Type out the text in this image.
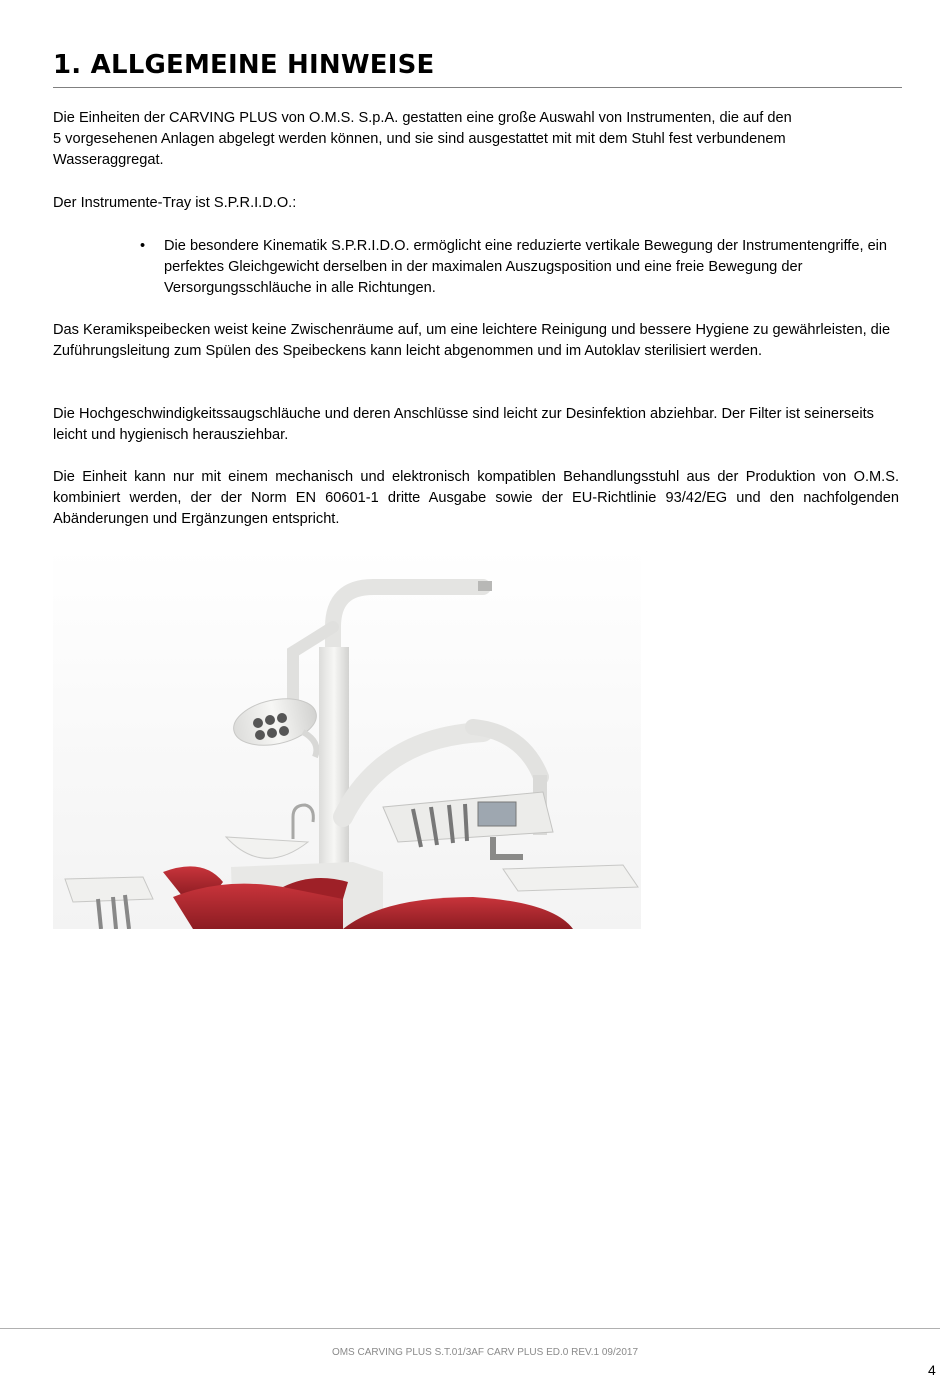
1. ALLGEMEINE HINWEISE

Die Einheiten der CARVING PLUS von O.M.S. S.p.A. gestatten eine große Auswahl von Instrumenten, die auf den
5 vorgesehenen Anlagen abgelegt werden können, und sie sind ausgestattet mit mit dem Stuhl fest verbundenem
Wasseraggregat.

Der Instrumente-Tray ist S.P.R.I.D.O.:

• Die besondere Kinematik S.P.R.I.D.O. ermöglicht eine reduzierte vertikale Bewegung der Instrumentengriffe, ein perfektes Gleichgewicht derselben in der maximalen Auszugsposition und eine freie Bewegung der Versorgungsschläuche in alle Richtungen.

Das Keramikspeibecken weist keine Zwischenräume auf, um eine leichtere Reinigung und bessere Hygiene zu gewährleisten, die Zuführungsleitung zum Spülen des Speibeckens kann leicht abgenommen und im Autoklav sterilisiert werden.

Die Hochgeschwindigkeitssaugschläuche und deren Anschlüsse sind leicht zur Desinfektion abziehbar. Der Filter ist seinerseits leicht und hygienisch herausziehbar.

Die Einheit kann nur mit einem mechanisch und elektronisch kompatiblen Behandlungsstuhl aus der Produktion von O.M.S. kombiniert werden, der der Norm EN 60601-1 dritte Ausgabe sowie der EU-Richtlinie 93/42/EG und den nachfolgenden Abänderungen und Ergänzungen entspricht.

OMS CARVING PLUS S.T.01/3AF CARV PLUS ED.0 REV.1 09/2017
4
